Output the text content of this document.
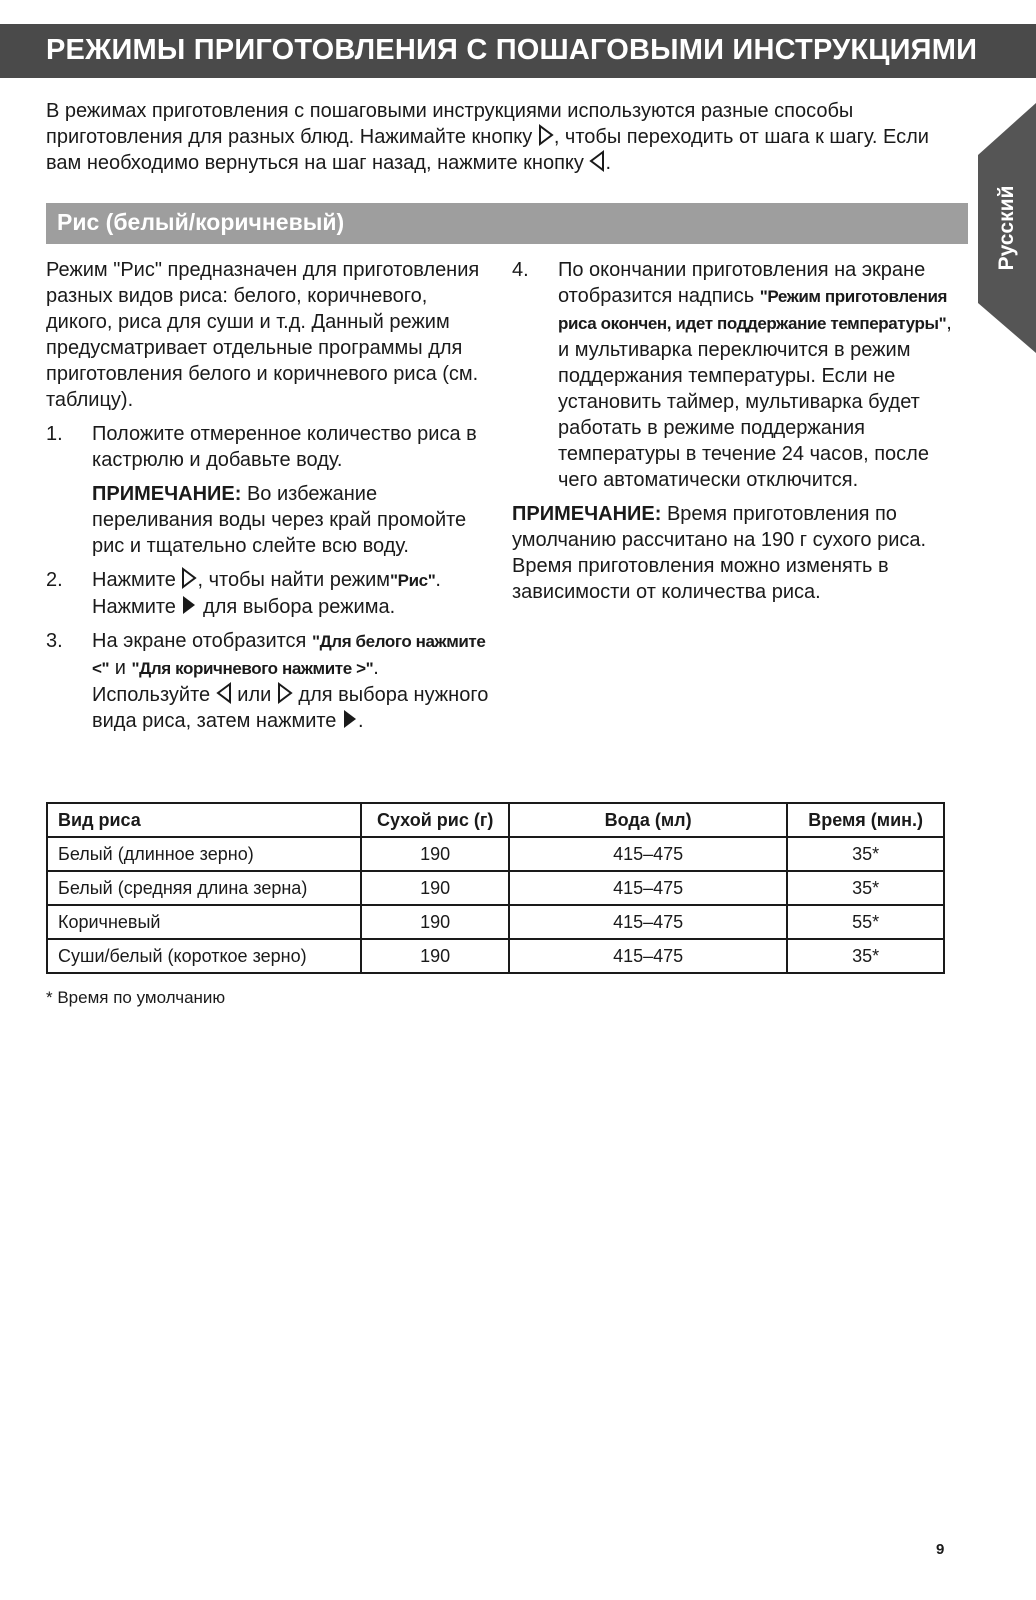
РЕЖИМЫ ПРИГОТОВЛЕНИЯ С ПОШАГОВЫМИ ИНСТРУКЦИЯМИ
Русский
В режимах приготовления с пошаговыми инструкциями используются разные способы приготовления для разных блюд. Нажимайте кнопку , чтобы переходить от шага к шагу. Если вам необходимо вернуться на шаг назад, нажмите кнопку .
Рис (белый/коричневый)

Режим "Рис" предназначен для приготовления разных видов риса: белого, коричневого, дикого, риса для суши и т.д. Данный режим предусматривает отдельные программы для приготовления белого и коричневого риса (см. таблицу).

1. Положите отмеренное количество риса в кастрюлю и добавьте воду.

ПРИМЕЧАНИЕ: Во избежание переливания воды через край промойте рис и тщательно слейте всю воду.

2. Нажмите , чтобы найти режим"Рис".

Нажмите  для выбора режима.

3. На экране отобразится "Для белого нажмите <" и "Для коричневого нажмите >". Используйте  или  для выбора нужного вида риса, затем нажмите .

4. По окончании приготовления на экране отобразится надпись "Режим приготовления риса окончен, идет поддержание температуры", и мультиварка переключится в режим поддержания температуры. Если не установить таймер, мультиварка будет работать в режиме поддержания температуры в течение 24 часов, после чего автоматически отключится.

ПРИМЕЧАНИЕ: Время приготовления по умолчанию рассчитано на 190 г сухого риса. Время приготовления можно изменять в зависимости от количества риса.

Вид риса	Сухой рис (г)	Вода (мл)	Время (мин.)
Белый (длинное зерно)	190	415–475	35*
Белый (средняя длина зерна)	190	415–475	35*
Коричневый	190	415–475	55*
Суши/белый (короткое зерно)	190	415–475	35*
* Время по умолчанию
9
